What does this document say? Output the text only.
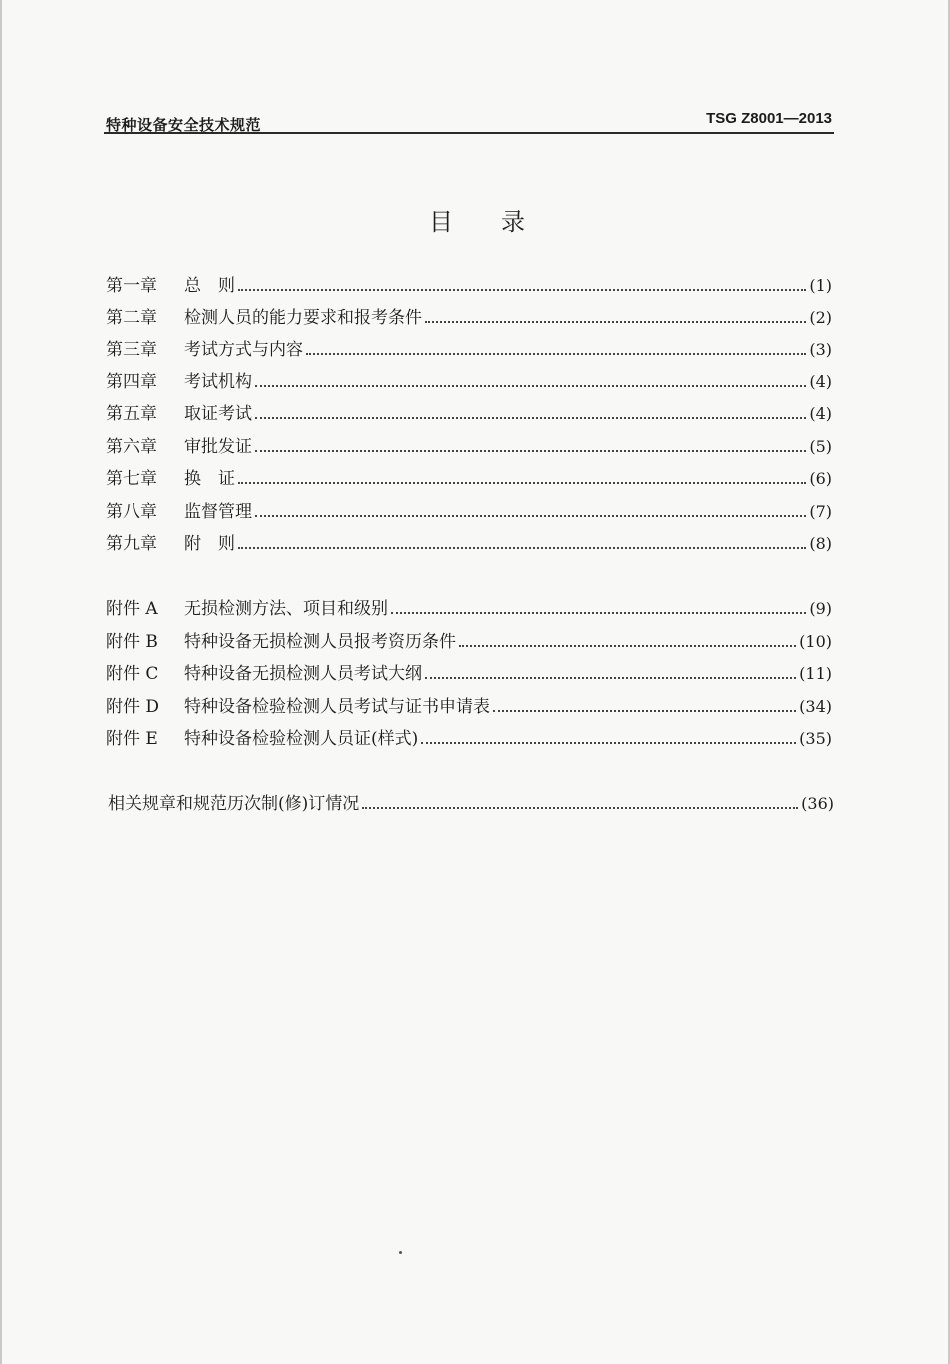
特种设备安全技术规范	TSG Z8001—2013
目录
第一章	总　则	(1)
第二章	检测人员的能力要求和报考条件	(2)
第三章	考试方式与内容	(3)
第四章	考试机构	(4)
第五章	取证考试	(4)
第六章	审批发证	(5)
第七章	换　证	(6)
第八章	监督管理	(7)
第九章	附　则	(8)
附件 A	无损检测方法、项目和级别	(9)
附件 B	特种设备无损检测人员报考资历条件	(10)
附件 C	特种设备无损检测人员考试大纲	(11)
附件 D	特种设备检验检测人员考试与证书申请表	(34)
附件 E	特种设备检验检测人员证(样式)	(35)
相关规章和规范历次制(修)订情况	(36)
